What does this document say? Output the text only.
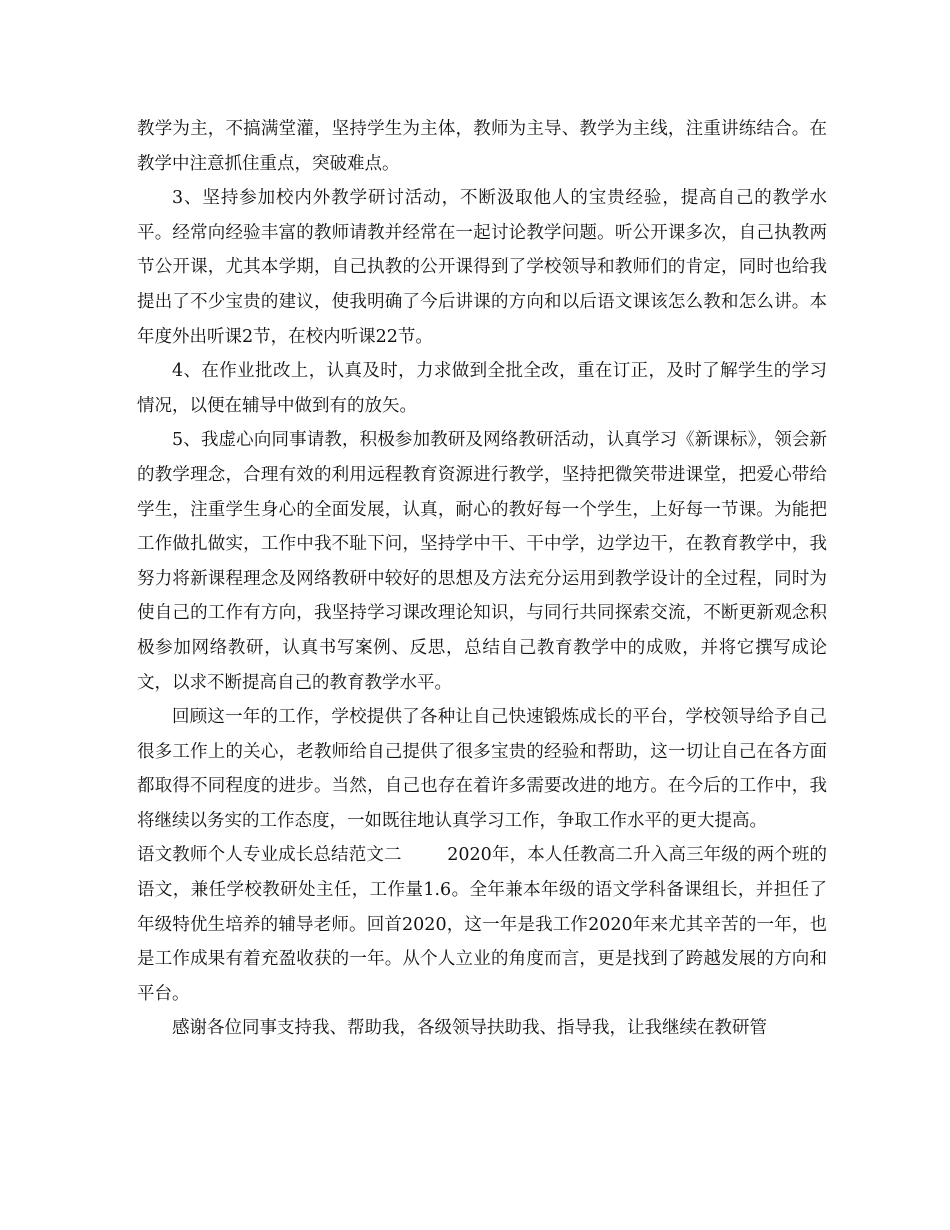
教学为主，不搞满堂灌，坚持学生为主体，教师为主导、教学为主线，注重讲练结合。在教学中注意抓住重点，突破难点。

3、坚持参加校内外教学研讨活动，不断汲取他人的宝贵经验，提高自己的教学水平。经常向经验丰富的教师请教并经常在一起讨论教学问题。听公开课多次，自己执教两节公开课，尤其本学期，自己执教的公开课得到了学校领导和教师们的肯定，同时也给我提出了不少宝贵的建议，使我明确了今后讲课的方向和以后语文课该怎么教和怎么讲。本年度外出听课2节，在校内听课22节。

4、在作业批改上，认真及时，力求做到全批全改，重在订正，及时了解学生的学习情况，以便在辅导中做到有的放矢。

5、我虚心向同事请教，积极参加教研及网络教研活动，认真学习《新课标》，领会新的教学理念，合理有效的利用远程教育资源进行教学，坚持把微笑带进课堂，把爱心带给学生，注重学生身心的全面发展，认真，耐心的教好每一个学生，上好每一节课。为能把工作做扎做实，工作中我不耻下问，坚持学中干、干中学，边学边干，在教育教学中，我努力将新课程理念及网络教研中较好的思想及方法充分运用到教学设计的全过程，同时为使自己的工作有方向，我坚持学习课改理论知识，与同行共同探索交流，不断更新观念积极参加网络教研，认真书写案例、反思，总结自己教育教学中的成败，并将它撰写成论文，以求不断提高自己的教育教学水平。

回顾这一年的工作，学校提供了各种让自己快速锻炼成长的平台，学校领导给予自己很多工作上的关心，老教师给自己提供了很多宝贵的经验和帮助，这一切让自己在各方面都取得不同程度的进步。当然，自己也存在着许多需要改进的地方。在今后的工作中，我将继续以务实的工作态度，一如既往地认真学习工作，争取工作水平的更大提高。

语文教师个人专业成长总结范文二        2020年，本人任教高二升入高三年级的两个班的语文，兼任学校教研处主任，工作量1.6。全年兼本年级的语文学科备课组长，并担任了年级特优生培养的辅导老师。回首2020，这一年是我工作2020年来尤其辛苦的一年，也是工作成果有着充盈收获的一年。从个人立业的角度而言，更是找到了跨越发展的方向和平台。

感谢各位同事支持我、帮助我，各级领导扶助我、指导我，让我继续在教研管
